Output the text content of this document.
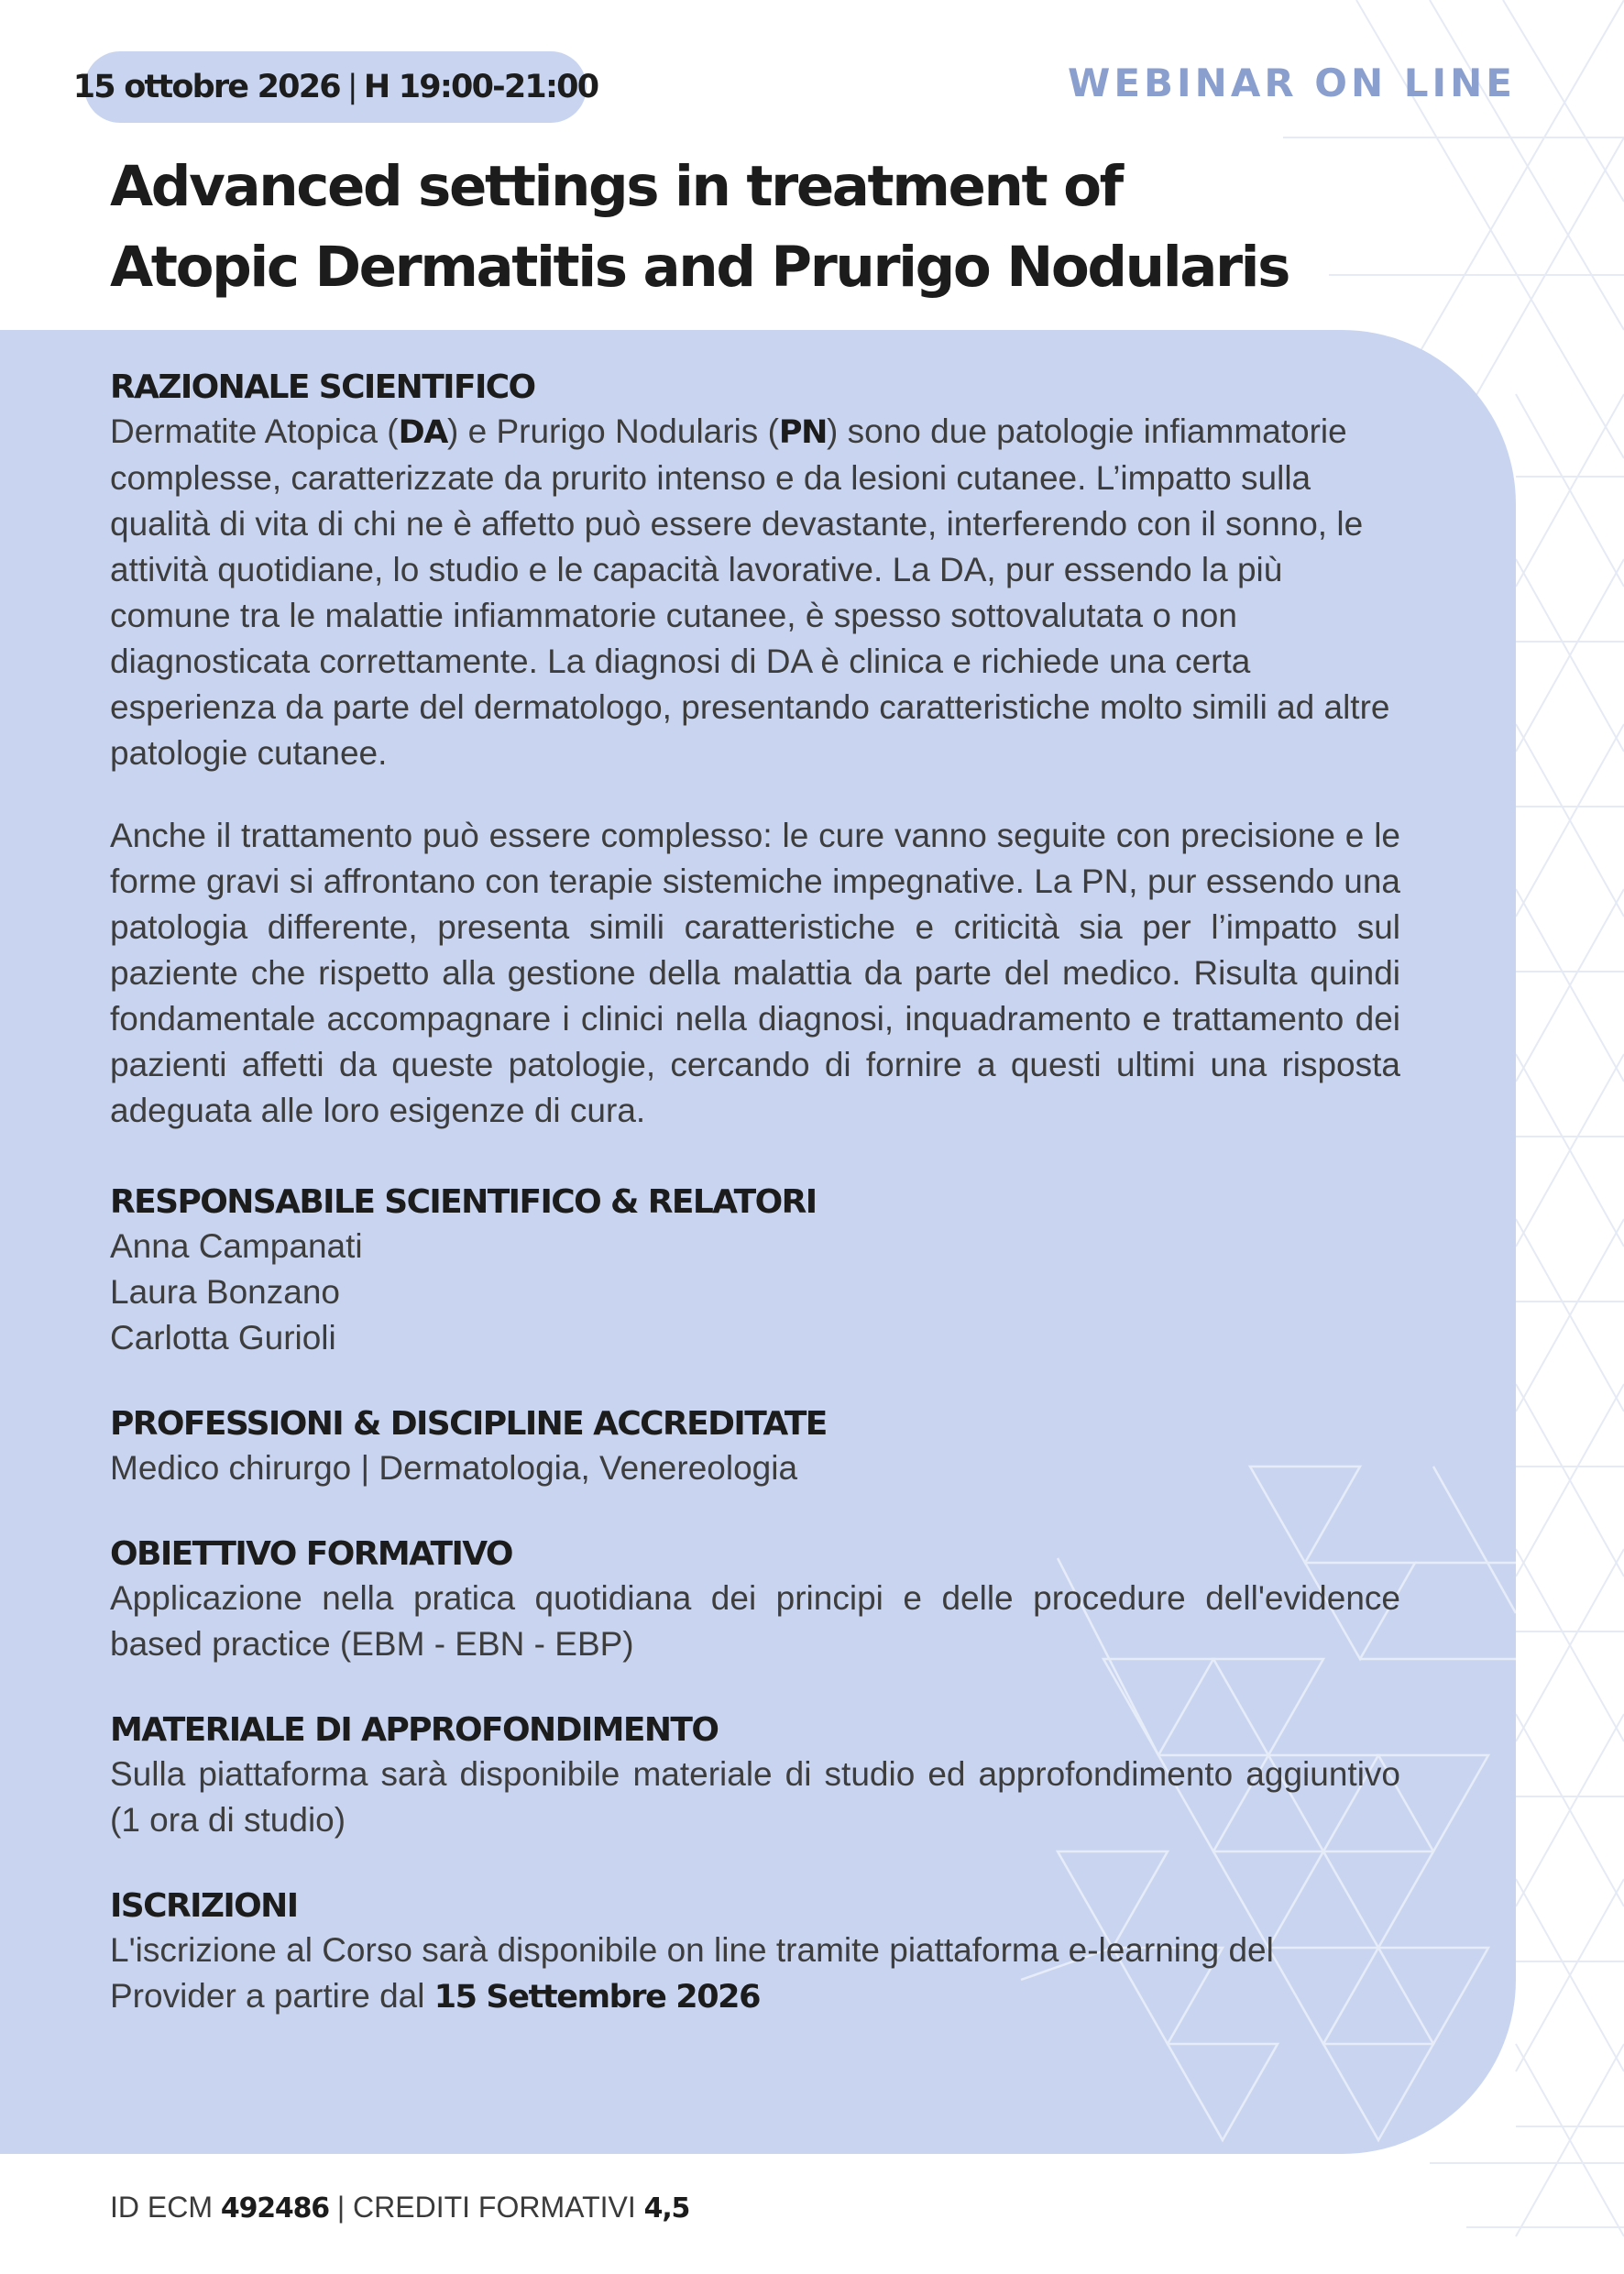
15 ottobre 2026 | H 19:00-21:00	WEBINAR ON LINE
Advanced settings in treatment of
Atopic Dermatitis and Prurigo Nodularis
RAZIONALE SCIENTIFICO

Dermatite Atopica (DA) e Prurigo Nodularis (PN) sono due patologie infiammatorie complesse, caratterizzate da prurito intenso e da lesioni cutanee. L’impatto sulla qualità di vita di chi ne è affetto può essere devastante, interferendo con il sonno, le attività quotidiane, lo studio e le capacità lavorative. La DA, pur essendo la più comune tra le malattie infiammatorie cutanee, è spesso sottovalutata o non diagnosticata correttamente. La diagnosi di DA è clinica e richiede una certa esperienza da parte del dermatologo, presentando caratteristiche molto simili ad altre patologie cutanee.

Anche il trattamento può essere complesso: le cure vanno seguite con precisione e le forme gravi si affrontano con terapie sistemiche impegnative. La PN, pur essendo una patologia differente, presenta simili caratteristiche e criticità sia per l’impatto sul paziente che rispetto alla gestione della malattia da parte del medico. Risulta quindi fondamentale accompagnare i clinici nella diagnosi, inquadramento e trattamento dei pazienti affetti da queste patologie, cercando di fornire a questi ultimi una risposta adeguata alle loro esigenze di cura.

RESPONSABILE SCIENTIFICO & RELATORI
Anna Campanati
Laura Bonzano
Carlotta Gurioli
PROFESSIONI & DISCIPLINE ACCREDITATE
Medico chirurgo | Dermatologia, Venereologia
OBIETTIVO FORMATIVO

Applicazione nella pratica quotidiana dei principi e delle procedure dell'evidence based practice (EBM - EBN - EBP)

MATERIALE DI APPROFONDIMENTO

Sulla piattaforma sarà disponibile materiale di studio ed approfondimento aggiuntivo (1 ora di studio)

ISCRIZIONI

L'iscrizione al Corso sarà disponibile on line tramite piattaforma e-learning del Provider a partire dal 15 Settembre 2026

ID ECM 492486 | CREDITI FORMATIVI 4,5
